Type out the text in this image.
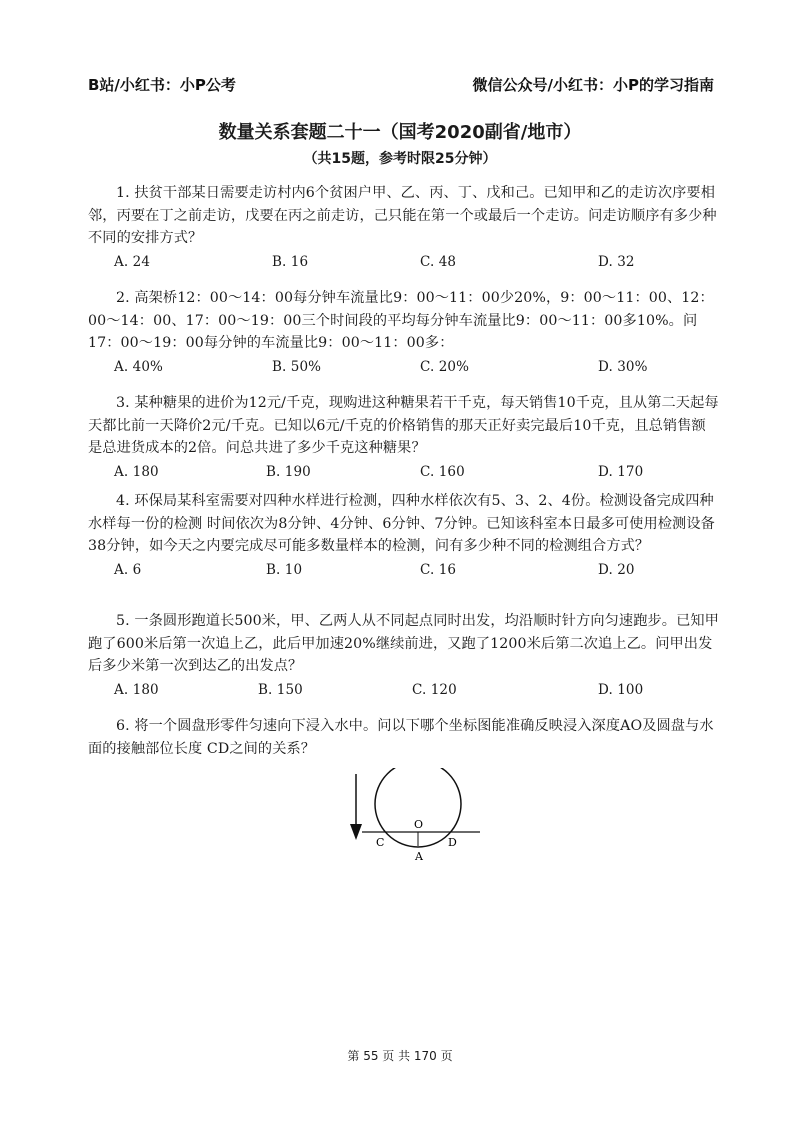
B站/小红书：小P公考	微信公众号/小红书：小P的学习指南
数量关系套题二十一（国考2020副省/地市）
（共15题，参考时限25分钟）

1. 扶贫干部某日需要走访村内6个贫困户甲、乙、丙、丁、戊和己。已知甲和乙的走访次序要相邻，丙要在丁之前走访，戊要在丙之前走访，己只能在第一个或最后一个走访。问走访顺序有多少种不同的安排方式？

A. 24	B. 16	C. 48	D. 32

2. 高架桥12：00～14：00每分钟车流量比9：00～11：00少20%，9：00～11：00、12：00～14：00、17：00～19：00三个时间段的平均每分钟车流量比9：00～11：00多10%。问17：00～19：00每分钟的车流量比9：00～11：00多：

A. 40%	B. 50%	C. 20%	D. 30%

3. 某种糖果的进价为12元/千克，现购进这种糖果若干千克，每天销售10千克，且从第二天起每天都比前一天降价2元/千克。已知以6元/千克的价格销售的那天正好卖完最后10千克，且总销售额是总进货成本的2倍。问总共进了多少千克这种糖果？

A. 180	B. 190	C. 160	D. 170

4. 环保局某科室需要对四种水样进行检测，四种水样依次有5、3、2、4份。检测设备完成四种水样每一份的检测 时间依次为8分钟、4分钟、6分钟、7分钟。已知该科室本日最多可使用检测设备38分钟，如今天之内要完成尽可能多数量样本的检测，问有多少种不同的检测组合方式？

A. 6	B. 10	C. 16	D. 20

5. 一条圆形跑道长500米，甲、乙两人从不同起点同时出发，均沿顺时针方向匀速跑步。已知甲跑了600米后第一次追上乙，此后甲加速20%继续前进，又跑了1200米后第二次追上乙。问甲出发后多少米第一次到达乙的出发点？

A. 180	B. 150	C. 120	D. 100

6. 将一个圆盘形零件匀速向下浸入水中。问以下哪个坐标图能准确反映浸入深度AO及圆盘与水面的接触部位长度 CD之间的关系？

O
C	D
A
第 55 页 共 170 页
